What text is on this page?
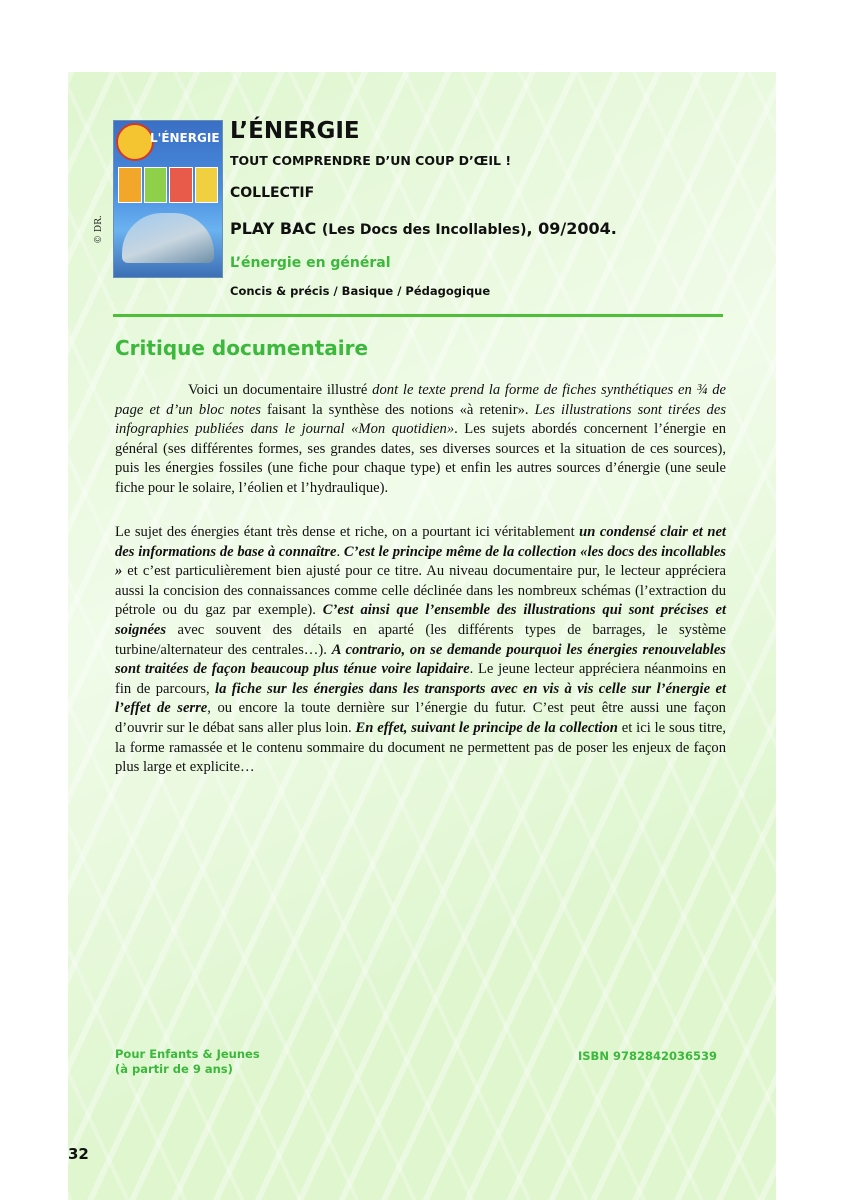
L'ÉNERGIE
© DR.
L’ÉNERGIE
TOUT COMPRENDRE D’UN COUP D’ŒIL !
COLLECTIF
PLAY BAC (Les Docs des Incollables), 09/2004.
L’énergie en général
Concis & précis / Basique / Pédagogique
Critique documentaire

Voici un documentaire illustré dont le texte prend la forme de fiches synthétiques en ¾ de page et d’un bloc notes faisant la synthèse des notions «à retenir». Les illustrations sont tirées des infographies publiées dans le journal «Mon quotidien». Les sujets abordés concernent l’énergie en général (ses différentes formes, ses grandes dates, ses diverses sources et la situation de ces sources), puis les énergies fossiles (une fiche pour chaque type) et enfin les autres sources d’énergie (une seule fiche pour le solaire, l’éolien et l’hydraulique).

Le sujet des énergies étant très dense et riche, on a pourtant ici véritablement un condensé clair et net des informations de base à connaître. C’est le principe même de la collection «les docs des incollables » et c’est particulièrement bien ajusté pour ce titre. Au niveau documentaire pur, le lecteur appréciera aussi la concision des connaissances comme celle déclinée dans les nombreux schémas (l’extraction du pétrole ou du gaz par exemple). C’est ainsi que l’ensemble des illustrations qui sont précises et soignées avec souvent des détails en aparté (les différents types de barrages, le système turbine/alternateur des centrales…). A contrario, on se demande pourquoi les énergies renouvelables sont traitées de façon beaucoup plus ténue voire lapidaire. Le jeune lecteur appréciera néanmoins en fin de parcours, la fiche sur les énergies dans les transports avec en vis à vis celle sur l’énergie et l’effet de serre, ou encore la toute dernière sur l’énergie du futur. C’est peut être aussi une façon d’ouvrir sur le débat sans aller plus loin. En effet, suivant le principe de la collection et ici le sous titre, la forme ramassée et le contenu sommaire du document ne permettent pas de poser les enjeux de façon plus large et explicite…

Pour Enfants & Jeunes
(à partir de 9 ans)
ISBN 9782842036539
32
